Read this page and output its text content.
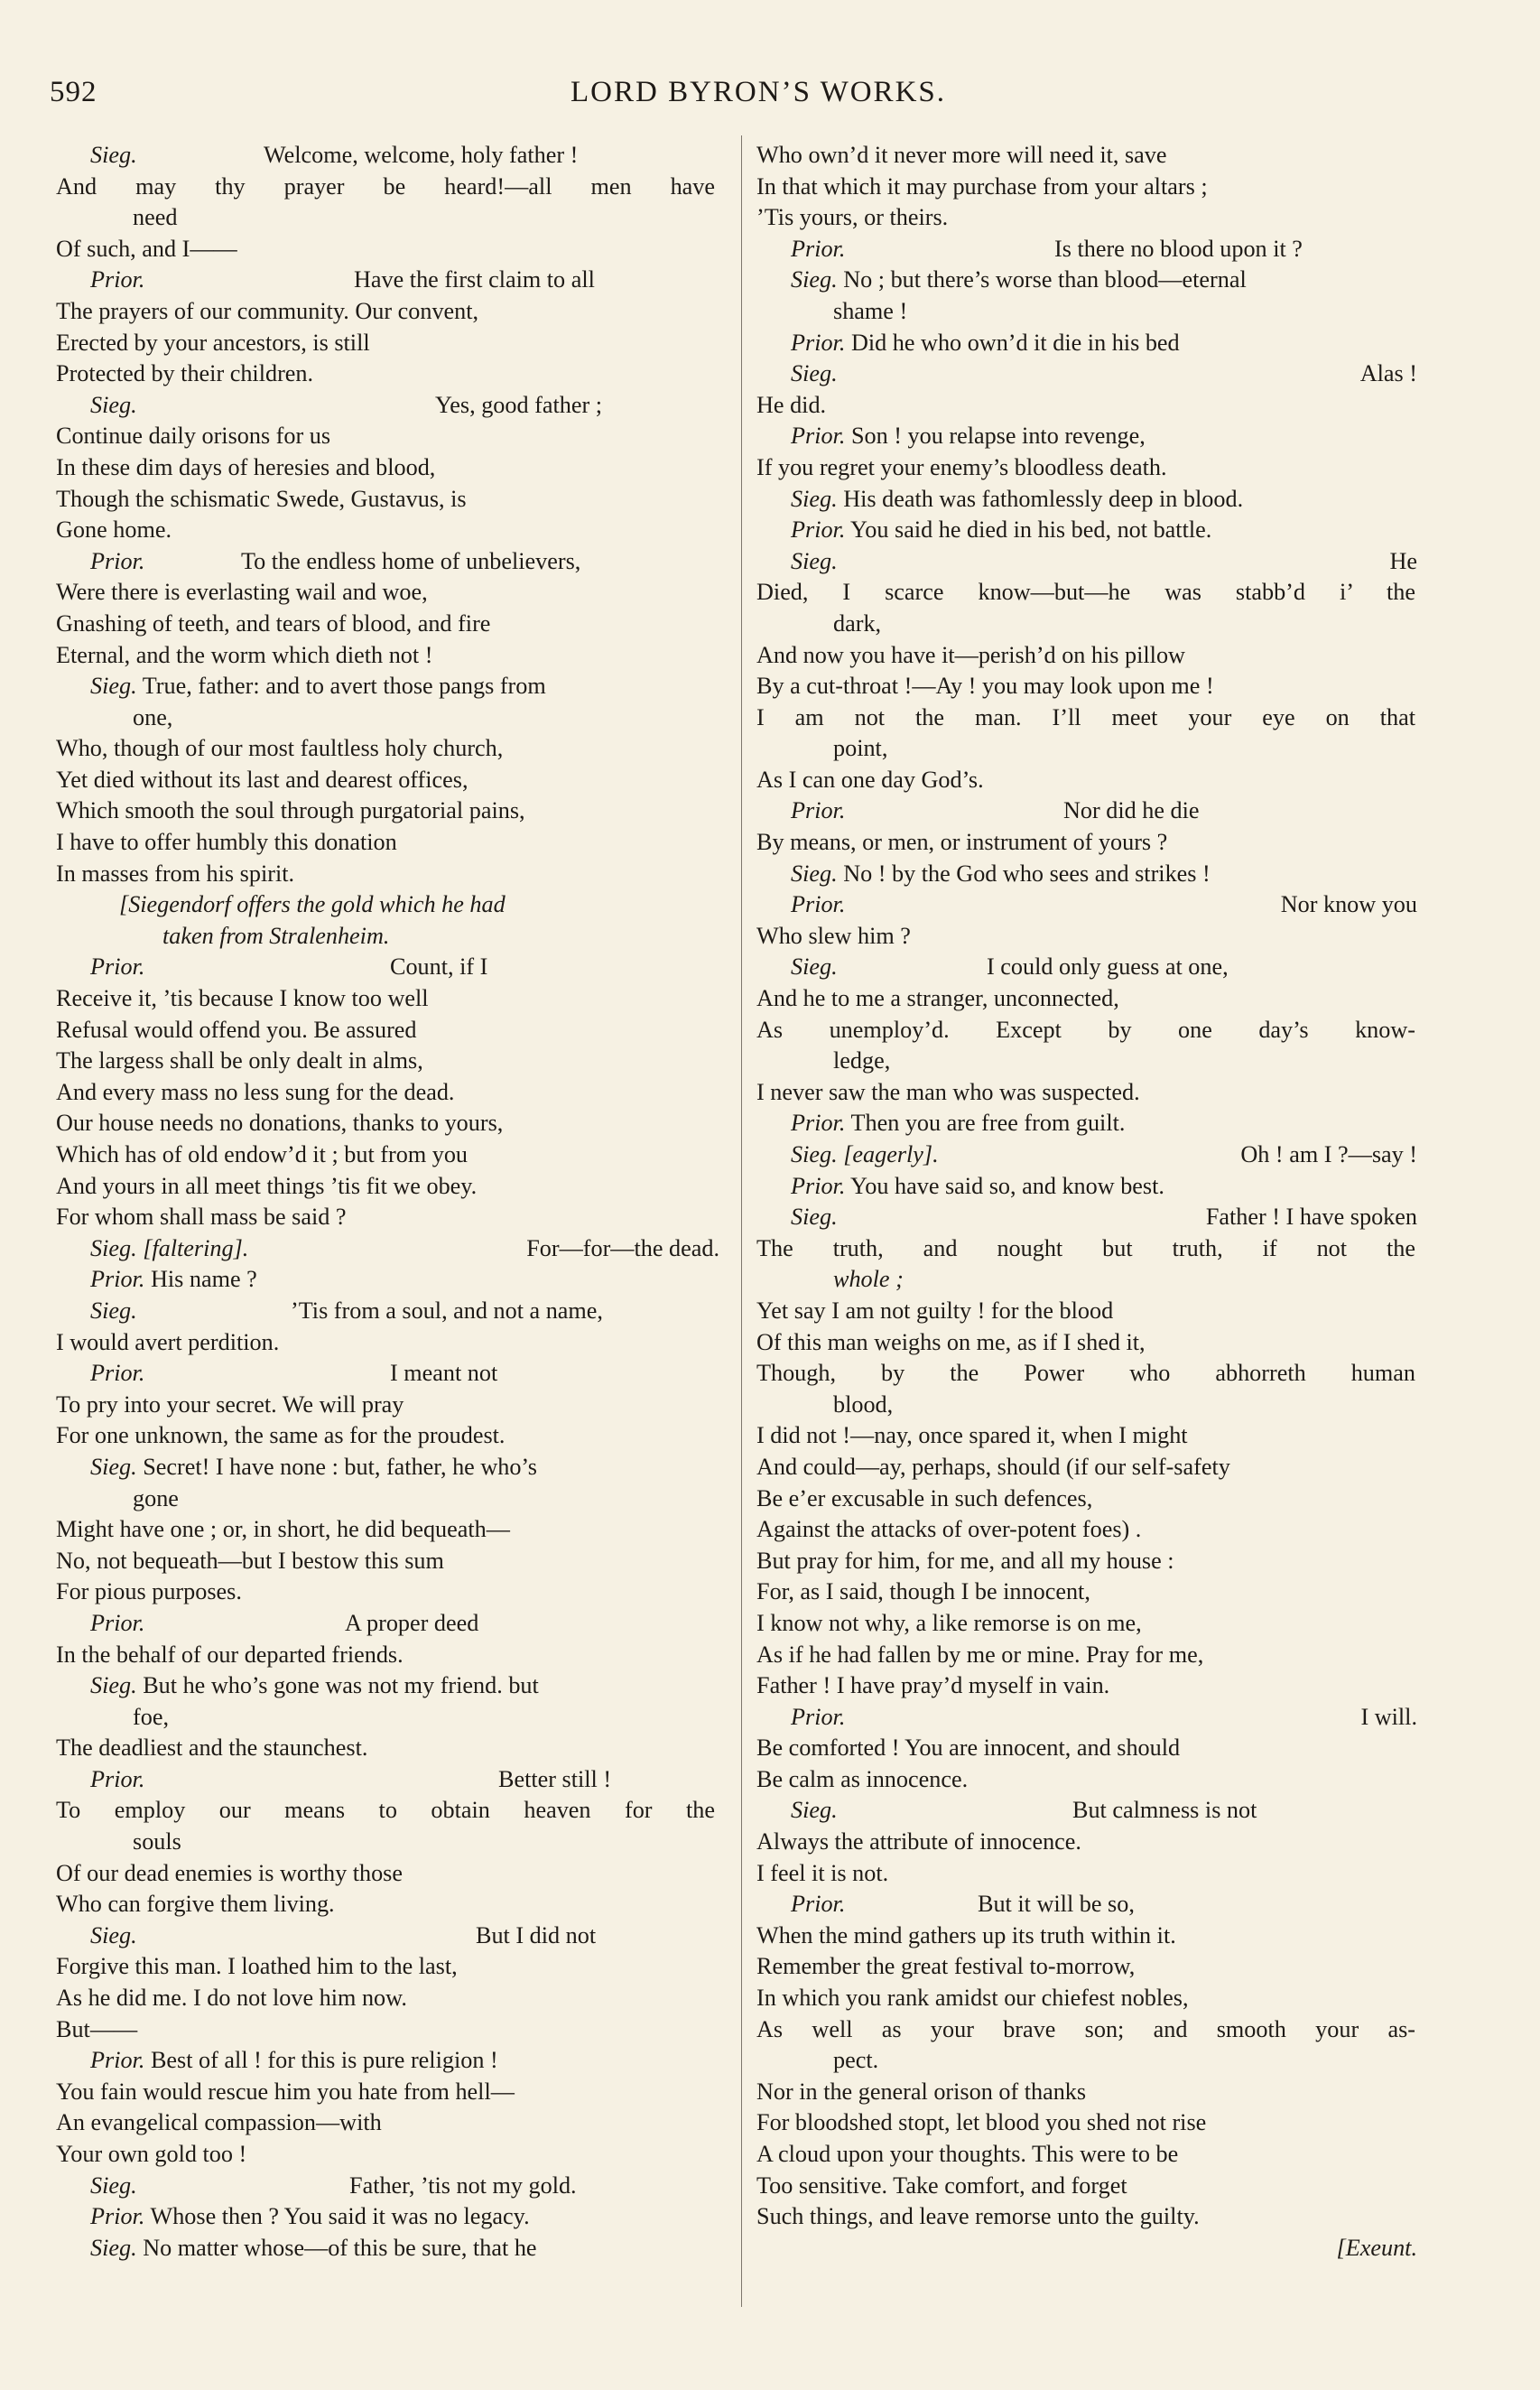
592	LORD BYRON’S WORKS.
Sieg.	Welcome, welcome, holy father !
And may thy prayer be heard!—all men have
need
Of such, and I——
Prior.	Have the first claim to all
The prayers of our community. Our convent,
Erected by your ancestors, is still
Protected by their children.
Sieg.	Yes, good father ;
Continue daily orisons for us
In these dim days of heresies and blood,
Though the schismatic Swede, Gustavus, is
Gone home.
Prior.	To the endless home of unbelievers,
Were there is everlasting wail and woe,
Gnashing of teeth, and tears of blood, and fire
Eternal, and the worm which dieth not !
Sieg. True, father: and to avert those pangs from
one,
Who, though of our most faultless holy church,
Yet died without its last and dearest offices,
Which smooth the soul through purgatorial pains,
I have to offer humbly this donation
In masses from his spirit.
[Siegendorf offers the gold which he had
taken from Stralenheim.
Prior.	Count, if I
Receive it, ’tis because I know too well
Refusal would offend you. Be assured
The largess shall be only dealt in alms,
And every mass no less sung for the dead.
Our house needs no donations, thanks to yours,
Which has of old endow’d it ; but from you
And yours in all meet things ’tis fit we obey.
For whom shall mass be said ?
Sieg. [faltering].	For—for—the dead.
Prior. His name ?
Sieg.	’Tis from a soul, and not a name,
I would avert perdition.
Prior.	I meant not
To pry into your secret. We will pray
For one unknown, the same as for the proudest.
Sieg. Secret! I have none : but, father, he who’s
gone
Might have one ; or, in short, he did bequeath—
No, not bequeath—but I bestow this sum
For pious purposes.
Prior.	A proper deed
In the behalf of our departed friends.
Sieg. But he who’s gone was not my friend. but
foe,
The deadliest and the staunchest.
Prior.	Better still !
To employ our means to obtain heaven for the
souls
Of our dead enemies is worthy those
Who can forgive them living.
Sieg.	But I did not
Forgive this man. I loathed him to the last,
As he did me. I do not love him now.
But——
Prior. Best of all ! for this is pure religion !
You fain would rescue him you hate from hell—
An evangelical compassion—with
Your own gold too !
Sieg.	Father, ’tis not my gold.
Prior. Whose then ? You said it was no legacy.
Sieg. No matter whose—of this be sure, that he
Who own’d it never more will need it, save
In that which it may purchase from your altars ;
’Tis yours, or theirs.
Prior.	Is there no blood upon it ?
Sieg. No ; but there’s worse than blood—eternal
shame !
Prior. Did he who own’d it die in his bed
Sieg.	Alas !
He did.
Prior. Son ! you relapse into revenge,
If you regret your enemy’s bloodless death.
Sieg. His death was fathomlessly deep in blood.
Prior. You said he died in his bed, not battle.
Sieg.	He
Died, I scarce know—but—he was stabb’d i’ the
dark,
And now you have it—perish’d on his pillow
By a cut-throat !—Ay ! you may look upon me !
I am not the man. I’ll meet your eye on that
point,
As I can one day God’s.
Prior.	Nor did he die
By means, or men, or instrument of yours ?
Sieg. No ! by the God who sees and strikes !
Prior.	Nor know you
Who slew him ?
Sieg.	I could only guess at one,
And he to me a stranger, unconnected,
As unemploy’d. Except by one day’s know-
ledge,
I never saw the man who was suspected.
Prior. Then you are free from guilt.
Sieg. [eagerly].	Oh ! am I ?—say !
Prior. You have said so, and know best.
Sieg.	Father ! I have spoken
The truth, and nought but truth, if not the
whole ;
Yet say I am not guilty ! for the blood
Of this man weighs on me, as if I shed it,
Though, by the Power who abhorreth human
blood,
I did not !—nay, once spared it, when I might
And could—ay, perhaps, should (if our self-safety
Be e’er excusable in such defences,
Against the attacks of over-potent foes) .
But pray for him, for me, and all my house :
For, as I said, though I be innocent,
I know not why, a like remorse is on me,
As if he had fallen by me or mine. Pray for me,
Father ! I have pray’d myself in vain.
Prior.	I will.
Be comforted ! You are innocent, and should
Be calm as innocence.
Sieg.	But calmness is not
Always the attribute of innocence.
I feel it is not.
Prior.	But it will be so,
When the mind gathers up its truth within it.
Remember the great festival to-morrow,
In which you rank amidst our chiefest nobles,
As well as your brave son; and smooth your as-
pect.
Nor in the general orison of thanks
For bloodshed stopt, let blood you shed not rise
A cloud upon your thoughts. This were to be
Too sensitive. Take comfort, and forget
Such things, and leave remorse unto the guilty.
[Exeunt.
